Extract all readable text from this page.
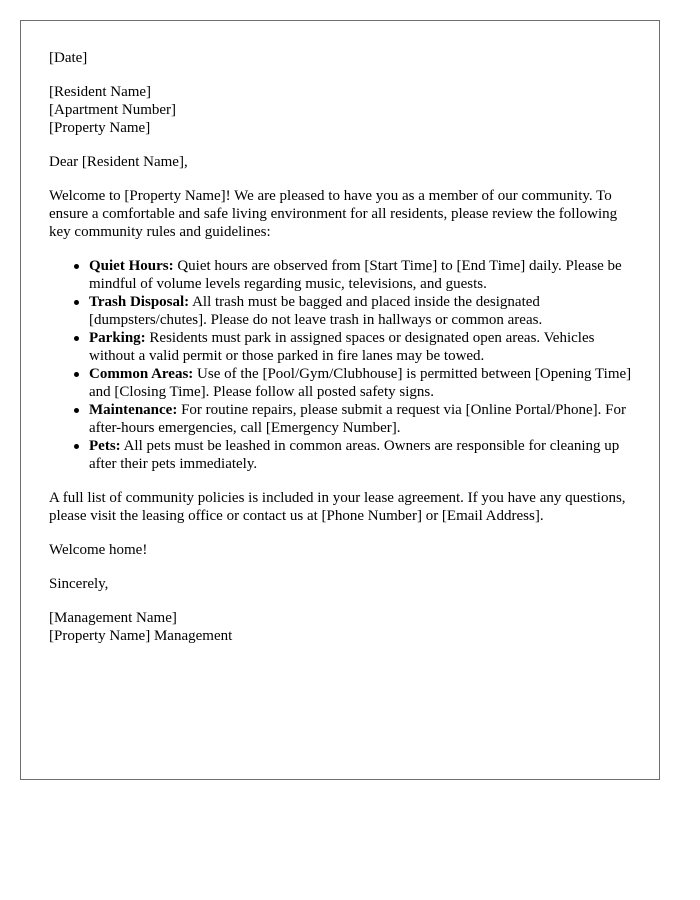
[Date]

[Resident Name]
[Apartment Number]
[Property Name]

Dear [Resident Name],

Welcome to [Property Name]! We are pleased to have you as a member of our community. To ensure a comfortable and safe living environment for all residents, please review the following key community rules and guidelines:

Quiet Hours: Quiet hours are observed from [Start Time] to [End Time] daily. Please be mindful of volume levels regarding music, televisions, and guests.
Trash Disposal: All trash must be bagged and placed inside the designated [dumpsters/chutes]. Please do not leave trash in hallways or common areas.
Parking: Residents must park in assigned spaces or designated open areas. Vehicles without a valid permit or those parked in fire lanes may be towed.
Common Areas: Use of the [Pool/Gym/Clubhouse] is permitted between [Opening Time] and [Closing Time]. Please follow all posted safety signs.
Maintenance: For routine repairs, please submit a request via [Online Portal/Phone]. For after-hours emergencies, call [Emergency Number].
Pets: All pets must be leashed in common areas. Owners are responsible for cleaning up after their pets immediately.

A full list of community policies is included in your lease agreement. If you have any questions, please visit the leasing office or contact us at [Phone Number] or [Email Address].

Welcome home!

Sincerely,

[Management Name]
[Property Name] Management
